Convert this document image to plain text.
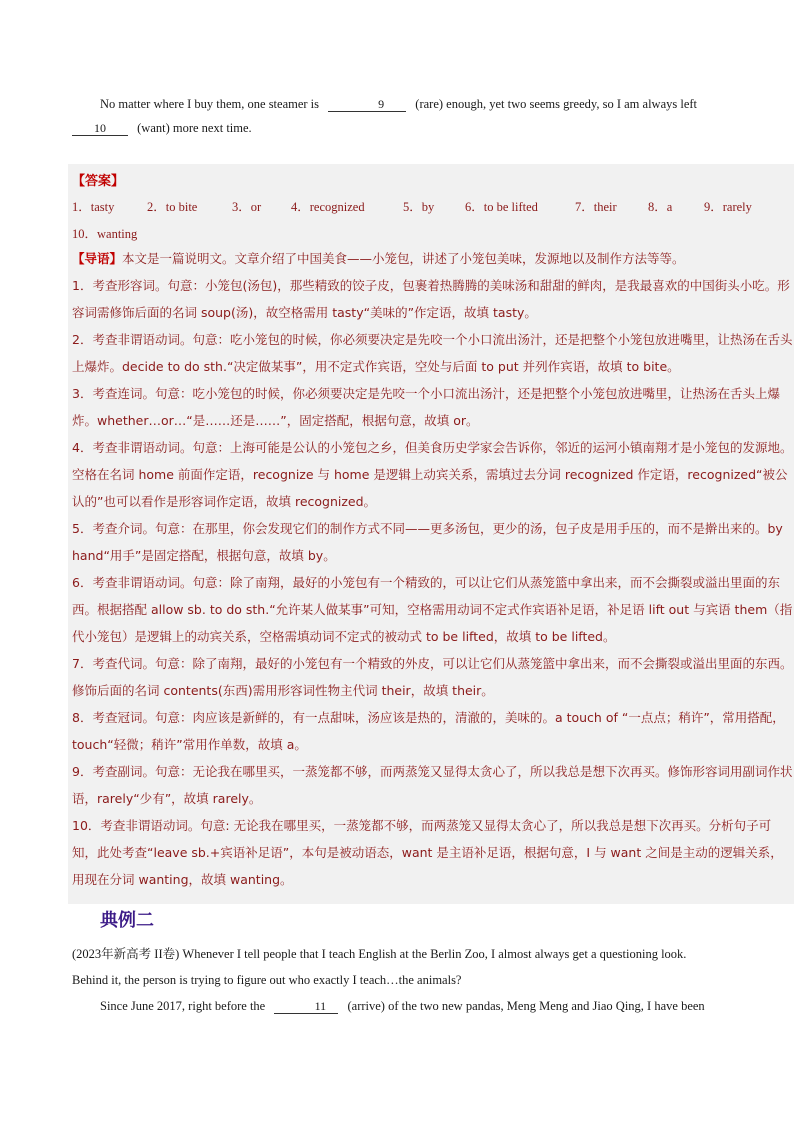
No matter where I buy them, one steamer is	9 (rare) enough, yet two seems greedy, so I am always left
10 (want) more next time.
【答案】
1．tasty	2．to bite	3．or 4．recognized	5．by 6．to be lifted	7．their	8．a	9．rarely
10．wanting
【导语】本文是一篇说明文。文章介绍了中国美食——小笼包，讲述了小笼包美味，发源地以及制作方法等等。
1．考查形容词。句意：小笼包(汤包)，那些精致的饺子皮，包裹着热腾腾的美味汤和甜甜的鲜肉，是我最喜欢的中国街头小吃。形容词需修饰后面的名词 soup(汤)，故空格需用 tasty“美味的”作定语，故填 tasty。
2．考查非谓语动词。句意：吃小笼包的时候，你必须要决定是先咬一个小口流出汤汁，还是把整个小笼包放进嘴里，让热汤在舌头上爆炸。decide to do sth.“决定做某事”，用不定式作宾语，空处与后面 to put 并列作宾语，故填 to bite。
3．考查连词。句意：吃小笼包的时候，你必须要决定是先咬一个小口流出汤汁，还是把整个小笼包放进嘴里，让热汤在舌头上爆炸。whether…or…“是……还是……”，固定搭配，根据句意，故填 or。
4．考查非谓语动词。句意：上海可能是公认的小笼包之乡，但美食历史学家会告诉你，邻近的运河小镇南翔才是小笼包的发源地。空格在名词 home 前面作定语，recognize 与 home 是逻辑上动宾关系，需填过去分词 recognized 作定语，recognized“被公认的”也可以看作是形容词作定语，故填 recognized。
5．考查介词。句意：在那里，你会发现它们的制作方式不同——更多汤包，更少的汤，包子皮是用手压的，而不是擀出来的。by hand“用手”是固定搭配，根据句意，故填 by。
6．考查非谓语动词。句意：除了南翔，最好的小笼包有一个精致的，可以让它们从蒸笼篮中拿出来，而不会撕裂或溢出里面的东西。根据搭配 allow sb. to do sth.“允许某人做某事”可知，空格需用动词不定式作宾语补足语，补足语 lift out 与宾语 them（指代小笼包）是逻辑上的动宾关系，空格需填动词不定式的被动式 to be lifted，故填 to be lifted。
7．考查代词。句意：除了南翔，最好的小笼包有一个精致的外皮，可以让它们从蒸笼篮中拿出来，而不会撕裂或溢出里面的东西。修饰后面的名词 contents(东西)需用形容词性物主代词 their，故填 their。
8．考查冠词。句意：肉应该是新鲜的，有一点甜味，汤应该是热的，清澈的，美味的。a touch of “一点点；稍许”，常用搭配，touch“轻微；稍许”常用作单数，故填 a。
9．考查副词。句意：无论我在哪里买，一蒸笼都不够，而两蒸笼又显得太贪心了，所以我总是想下次再买。修饰形容词用副词作状语，rarely“少有”，故填 rarely。
10．考查非谓语动词。句意: 无论我在哪里买，一蒸笼都不够，而两蒸笼又显得太贪心了，所以我总是想下次再买。分析句子可知，此处考查“leave sb.+宾语补足语”，本句是被动语态，want 是主语补足语，根据句意，I 与 want 之间是主动的逻辑关系，用现在分词 wanting，故填 wanting。
典例二
(2023年新高考 II卷) Whenever I tell people that I teach English at the Berlin Zoo, I almost always get a questioning look.
Behind it, the person is trying to figure out who exactly I teach…the animals?
Since June 2017, right before the	11 (arrive) of the two new pandas, Meng Meng and Jiao Qing, I have been
